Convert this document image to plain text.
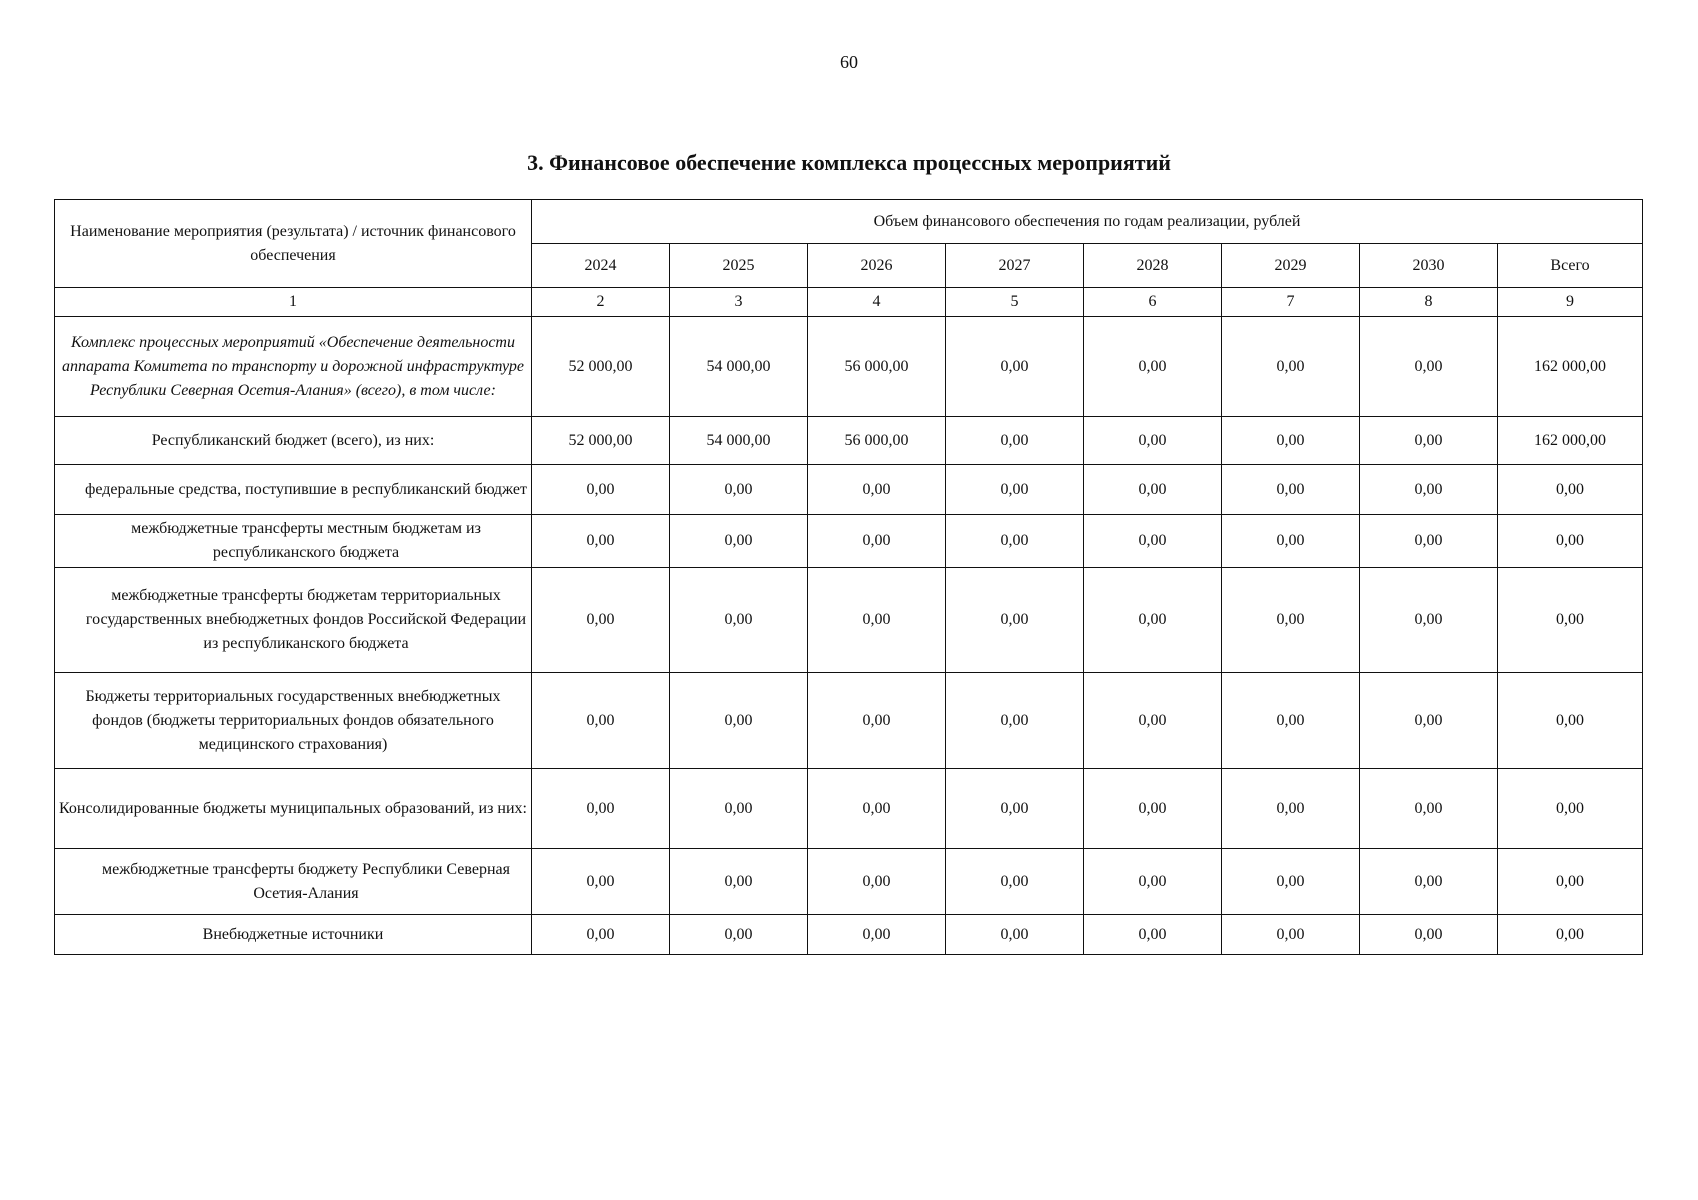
60
3. Финансовое обеспечение комплекса процессных мероприятий
Наименование мероприятия (результата) / источник финансового обеспечения	Объем финансового обеспечения по годам реализации, рублей							
	2024	2025	2026	2027	2028	2029	2030	Всего
1	2	3	4	5	6	7	8	9
Комплекс процессных мероприятий «Обеспечение деятельности аппарата Комитета по транспорту и дорожной инфраструктуре Республики Северная Осетия-Алания» (всего), в том числе:	52 000,00	54 000,00	56 000,00	0,00	0,00	0,00	0,00	162 000,00
Республиканский бюджет (всего), из них:	52 000,00	54 000,00	56 000,00	0,00	0,00	0,00	0,00	162 000,00
федеральные средства, поступившие в республиканский бюджет	0,00	0,00	0,00	0,00	0,00	0,00	0,00	0,00
межбюджетные трансферты местным бюджетам из республиканского бюджета	0,00	0,00	0,00	0,00	0,00	0,00	0,00	0,00
межбюджетные трансферты бюджетам территориальных государственных внебюджетных фондов Российской Федерации из республиканского бюджета	0,00	0,00	0,00	0,00	0,00	0,00	0,00	0,00
Бюджеты территориальных государственных внебюджетных фондов (бюджеты территориальных фондов обязательного медицинского страхования)	0,00	0,00	0,00	0,00	0,00	0,00	0,00	0,00
Консолидированные бюджеты муниципальных образований, из них:	0,00	0,00	0,00	0,00	0,00	0,00	0,00	0,00
межбюджетные трансферты бюджету Республики Северная Осетия-Алания	0,00	0,00	0,00	0,00	0,00	0,00	0,00	0,00
Внебюджетные источники	0,00	0,00	0,00	0,00	0,00	0,00	0,00	0,00
